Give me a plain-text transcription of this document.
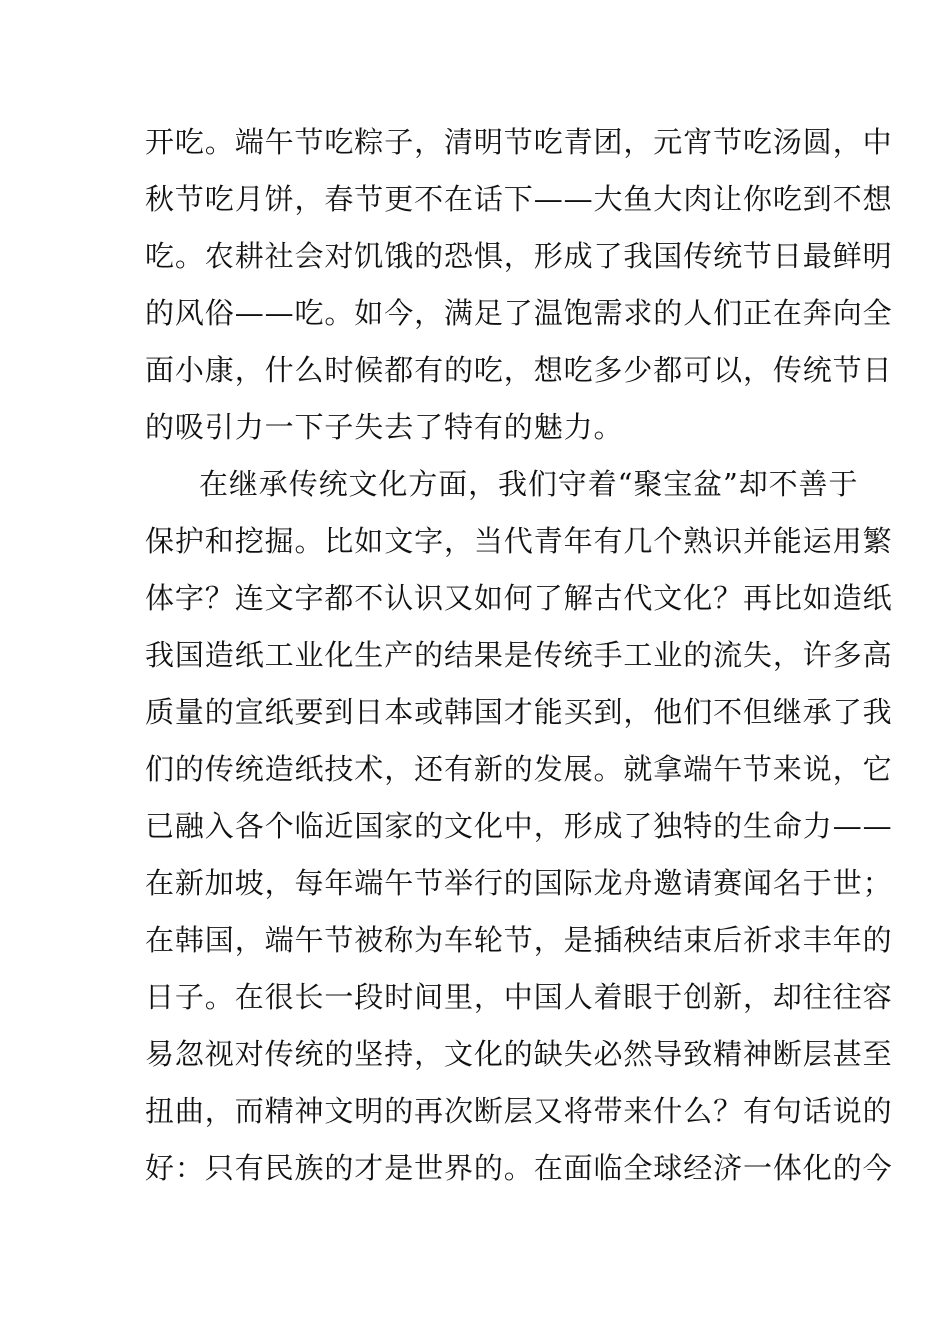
开吃。端午节吃粽子，清明节吃青团，元宵节吃汤圆，中
秋节吃月饼，春节更不在话下——大鱼大肉让你吃到不想
吃。农耕社会对饥饿的恐惧，形成了我国传统节日最鲜明
的风俗——吃。如今，满足了温饱需求的人们正在奔向全
面小康，什么时候都有的吃，想吃多少都可以，传统节日
的吸引力一下子失去了特有的魅力。
在继承传统文化方面，我们守着“聚宝盆”却不善于
保护和挖掘。比如文字，当代青年有几个熟识并能运用繁
体字？连文字都不认识又如何了解古代文化？再比如造纸
我国造纸工业化生产的结果是传统手工业的流失，许多高
质量的宣纸要到日本或韩国才能买到，他们不但继承了我
们的传统造纸技术，还有新的发展。就拿端午节来说，它
已融入各个临近国家的文化中，形成了独特的生命力——
在新加坡，每年端午节举行的国际龙舟邀请赛闻名于世；
在韩国，端午节被称为车轮节，是插秧结束后祈求丰年的
日子。在很长一段时间里，中国人着眼于创新，却往往容
易忽视对传统的坚持，文化的缺失必然导致精神断层甚至
扭曲，而精神文明的再次断层又将带来什么？有句话说的
好：只有民族的才是世界的。在面临全球经济一体化的今
